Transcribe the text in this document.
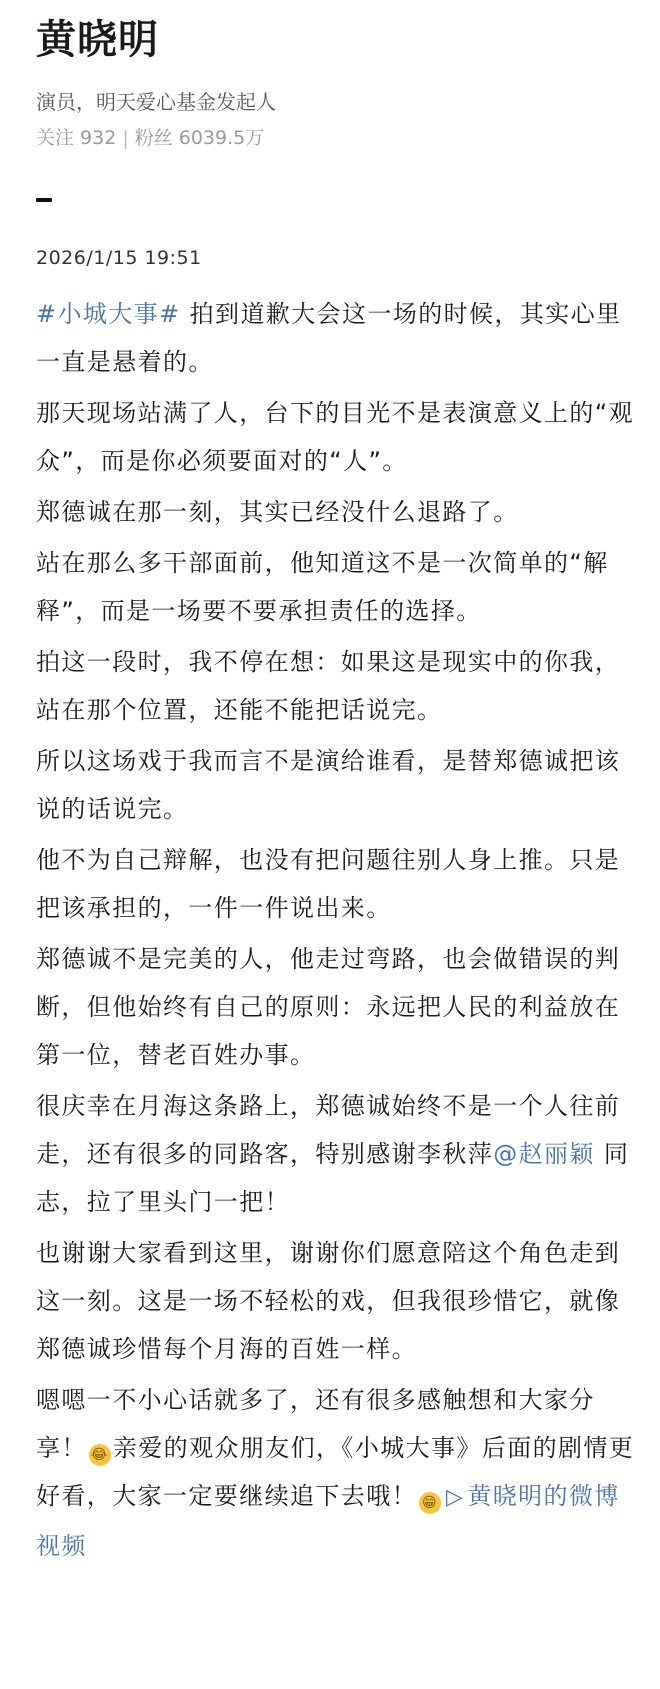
黄晓明
演员，明天爱心基金发起人
关注 932 | 粉丝 6039.5万
2026/1/15 19:51

#小城大事# 拍到道歉大会这一场的时候，其实心里一直是悬着的。

那天现场站满了人，台下的目光不是表演意义上的“观众”，而是你必须要面对的“人”。

郑德诚在那一刻，其实已经没什么退路了。

站在那么多干部面前，他知道这不是一次简单的“解释”，而是一场要不要承担责任的选择。

拍这一段时，我不停在想：如果这是现实中的你我，站在那个位置，还能不能把话说完。

所以这场戏于我而言不是演给谁看，是替郑德诚把该说的话说完。

他不为自己辩解，也没有把问题往别人身上推。只是把该承担的，一件一件说出来。

郑德诚不是完美的人，他走过弯路，也会做错误的判断，但他始终有自己的原则：永远把人民的利益放在第一位，替老百姓办事。

很庆幸在月海这条路上，郑德诚始终不是一个人往前走，还有很多的同路客，特别感谢李秋萍@赵丽颖 同志，拉了里头门一把！

也谢谢大家看到这里，谢谢你们愿意陪这个角色走到这一刻。这是一场不轻松的戏，但我很珍惜它，就像郑德诚珍惜每个月海的百姓一样。

嗯嗯一不小心话就多了，还有很多感触想和大家分享！ 😂 亲爱的观众朋友们，《小城大事》后面的剧情更好看，大家一定要继续追下去哦！ 😁 ▷ 黄晓明的微博视频
